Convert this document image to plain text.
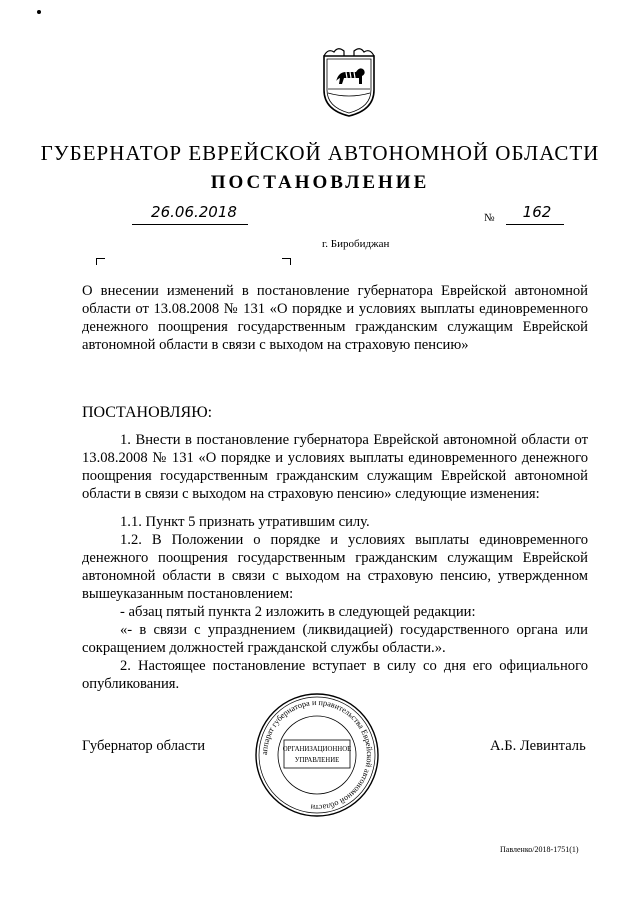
ГУБЕРНАТОР ЕВРЕЙСКОЙ АВТОНОМНОЙ ОБЛАСТИ
ПОСТАНОВЛЕНИЕ
26.06.2018	№	162
г. Биробиджан
О внесении изменений в постановление губернатора Еврейской автономной области от 13.08.2008 № 131 «О порядке и условиях выплаты единовременного денежного поощрения государственным гражданским служащим Еврейской автономной области в связи с выходом на страховую пенсию»
ПОСТАНОВЛЯЮ:
1. Внести в постановление губернатора Еврейской автономной области от 13.08.2008 № 131 «О порядке и условиях выплаты единовременного денежного поощрения государственным гражданским служащим Еврейской автономной области в связи с выходом на страховую пенсию» следующие изменения:
1.1. Пункт 5 признать утратившим силу.
1.2. В Положении о порядке и условиях выплаты единовременного денежного поощрения государственным гражданским служащим Еврейской автономной области в связи с выходом на страховую пенсию, утвержденном вышеуказанным постановлением:
- абзац пятый пункта 2 изложить в следующей редакции:
«- в связи с упразднением (ликвидацией) государственного органа или сокращением должностей гражданской службы области.».
2. Настоящее постановление вступает в силу со дня его официального опубликования.
Губернатор области	А.Б. Левинталь
аппарат губернатора и правительства Еврейской автономной области
ОРГАНИЗАЦИОННОЕ
УПРАВЛЕНИЕ
Павленко/2018-1751(1)
